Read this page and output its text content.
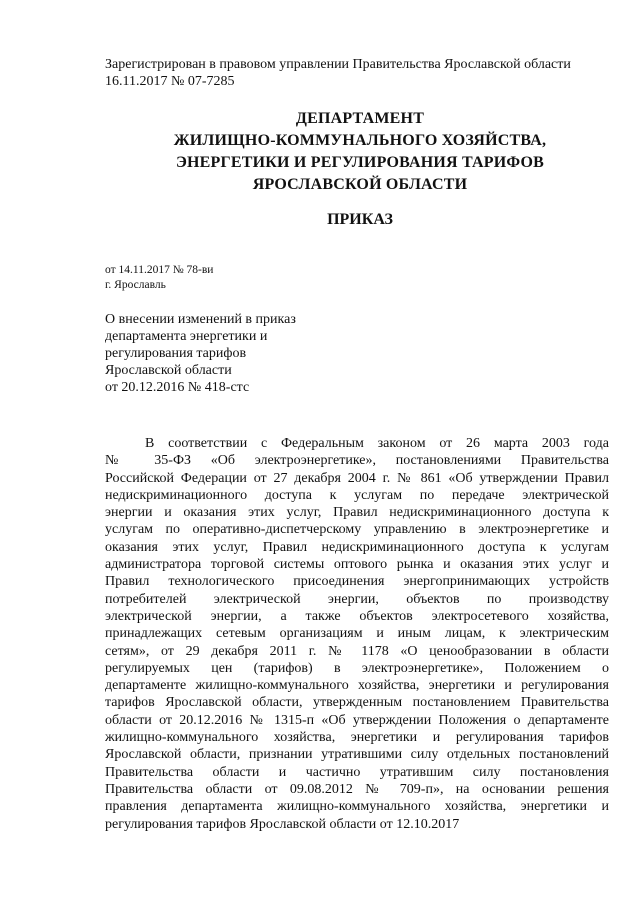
Зарегистрирован в правовом управлении Правительства Ярославской области
16.11.2017 № 07-7285
ДЕПАРТАМЕНТ
ЖИЛИЩНО-КОММУНАЛЬНОГО ХОЗЯЙСТВА,
ЭНЕРГЕТИКИ И РЕГУЛИРОВАНИЯ ТАРИФОВ
ЯРОСЛАВСКОЙ ОБЛАСТИ
ПРИКАЗ
от 14.11.2017 № 78-ви
г. Ярославль
О внесении изменений в приказ
департамента энергетики и
регулирования тарифов
Ярославской области
от 20.12.2016 № 418-стс
В соответствии с Федеральным законом от 26 марта 2003 года
№ 35-ФЗ «Об электроэнергетике», постановлениями Правительства
Российской Федерации от 27 декабря 2004 г. № 861 «Об утверждении Правил
недискриминационного доступа к услугам по передаче электрической
энергии и оказания этих услуг, Правил недискриминационного доступа к
услугам по оперативно-диспетчерскому управлению в электроэнергетике и
оказания этих услуг, Правил недискриминационного доступа к услугам
администратора торговой системы оптового рынка и оказания этих услуг и
Правил технологического присоединения энергопринимающих устройств
потребителей электрической энергии, объектов по производству
электрической энергии, а также объектов электросетевого хозяйства,
принадлежащих сетевым организациям и иным лицам, к электрическим
сетям», от 29 декабря 2011 г. № 1178 «О ценообразовании в области
регулируемых цен (тарифов) в электроэнергетике», Положением о
департаменте жилищно-коммунального хозяйства, энергетики и регулирования
тарифов Ярославской области, утвержденным постановлением Правительства
области от 20.12.2016 № 1315-п «Об утверждении Положения о департаменте
жилищно-коммунального хозяйства, энергетики и регулирования тарифов
Ярославской области, признании утратившими силу отдельных постановлений
Правительства области и частично утратившим силу постановления
Правительства области от 09.08.2012 № 709-п», на основании решения
правления департамента жилищно-коммунального хозяйства, энергетики и
регулирования тарифов Ярославской области от 12.10.2017
